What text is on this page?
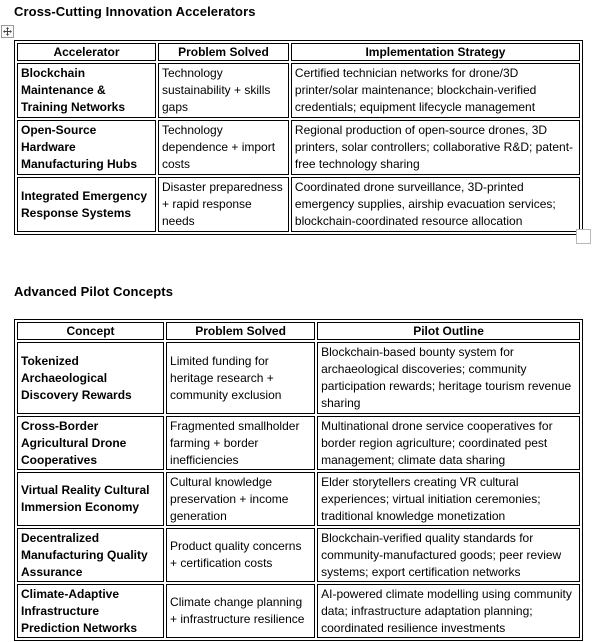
Cross-Cutting Innovation Accelerators
Accelerator	Problem Solved	Implementation Strategy
Blockchain Maintenance & Training Networks	Technology sustainability + skills gaps	Certified technician networks for drone/3D printer/solar maintenance; blockchain-verified credentials; equipment lifecycle management
Open-Source Hardware Manufacturing Hubs	Technology dependence + import costs	Regional production of open-source drones, 3D printers, solar controllers; collaborative R&D; patent-free technology sharing
Integrated Emergency Response Systems	Disaster preparedness + rapid response needs	Coordinated drone surveillance, 3D-printed emergency supplies, airship evacuation services; blockchain-coordinated resource allocation
Advanced Pilot Concepts
Concept	Problem Solved	Pilot Outline
Tokenized Archaeological Discovery Rewards	Limited funding for heritage research + community exclusion	Blockchain-based bounty system for archaeological discoveries; community participation rewards; heritage tourism revenue sharing
Cross-Border Agricultural Drone Cooperatives	Fragmented smallholder farming + border inefficiencies	Multinational drone service cooperatives for border region agriculture; coordinated pest management; climate data sharing
Virtual Reality Cultural Immersion Economy	Cultural knowledge preservation + income generation	Elder storytellers creating VR cultural experiences; virtual initiation ceremonies; traditional knowledge monetization
Decentralized Manufacturing Quality Assurance	Product quality concerns + certification costs	Blockchain-verified quality standards for community-manufactured goods; peer review systems; export certification networks
Climate-Adaptive Infrastructure Prediction Networks	Climate change planning + infrastructure resilience	AI-powered climate modelling using community data; infrastructure adaptation planning; coordinated resilience investments
